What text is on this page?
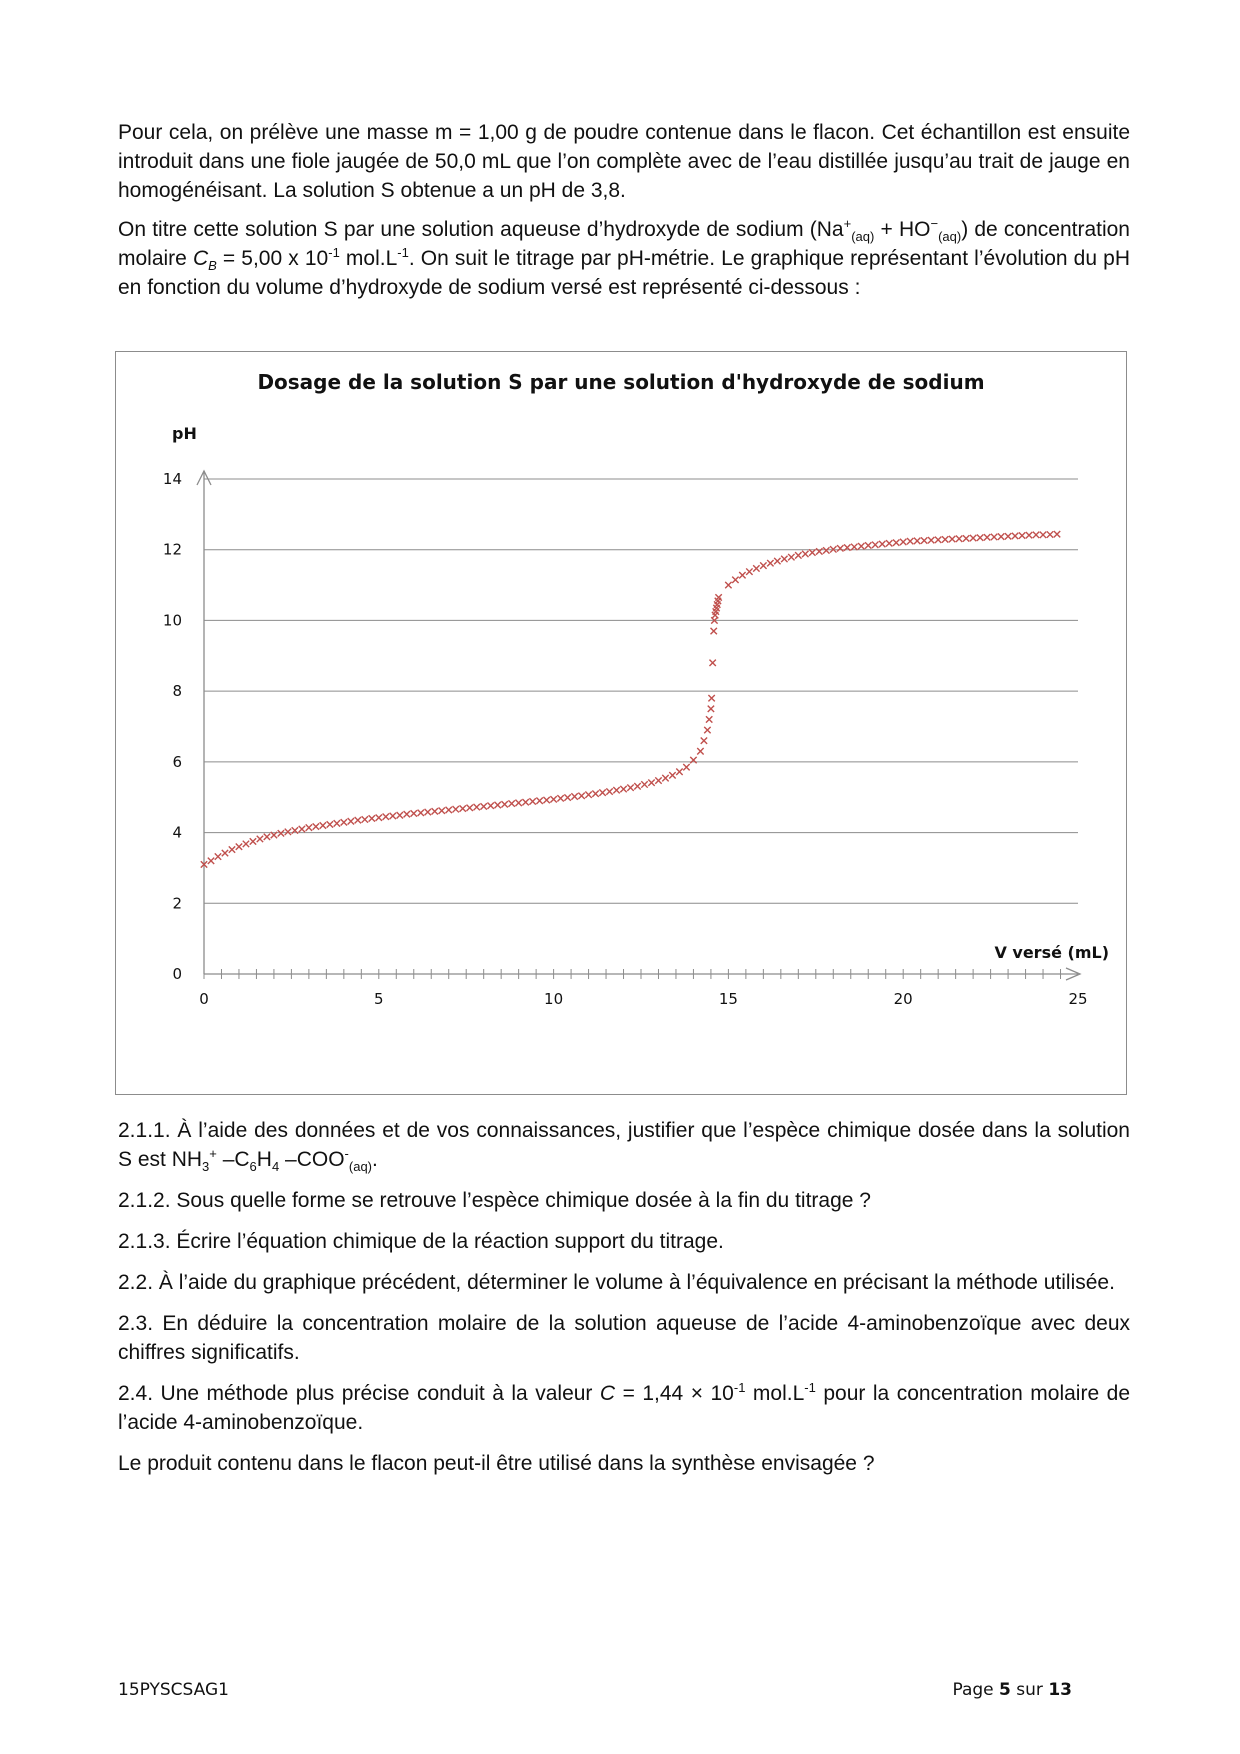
Pour cela, on prélève une masse m = 1,00 g de poudre contenue dans le flacon. Cet échantillon est ensuite introduit dans une fiole jaugée de 50,0 mL que l’on complète avec de l’eau distillée jusqu’au trait de jauge en homogénéisant. La solution S obtenue a un pH de 3,8.

On titre cette solution S par une solution aqueuse d’hydroxyde de sodium $(Na^+_{(aq)} + HO^-_{(aq)})$ de concentration molaire $C_B = 5,00$ x $10^{-1}$ $mol.L^{-1}$. On suit le titrage par pH-métrie. Le graphique représentant l’évolution du pH en fonction du volume d’hydroxyde de sodium versé est représenté ci-dessous :

Dosage de la solution S par une solution d'hydroxyde de sodium
0
2
4
6
8
10
12
14
0	5	10	15	20	25
pH
V versé (mL)

2.1.1. À l’aide des données et de vos connaissances, justifier que l’espèce chimique dosée dans la solution S est $NH_3^+$ $-C_6H_4$ $-COO^-_{(aq)}$.

2.1.2. Sous quelle forme se retrouve l’espèce chimique dosée à la fin du titrage ?

2.1.3. Écrire l’équation chimique de la réaction support du titrage.

2.2. À l’aide du graphique précédent, déterminer le volume à l’équivalence en précisant la méthode utilisée.

2.3. En déduire la concentration molaire de la solution aqueuse de l’acide 4-aminobenzoïque avec deux chiffres significatifs.

2.4. Une méthode plus précise conduit à la valeur $C = 1,44 \times 10^{-1}$ $mol.L^{-1}$ pour la concentration molaire de l’acide 4-aminobenzoïque.

Le produit contenu dans le flacon peut-il être utilisé dans la synthèse envisagée ?

15PYSCSAG1	Page 5 sur 13
